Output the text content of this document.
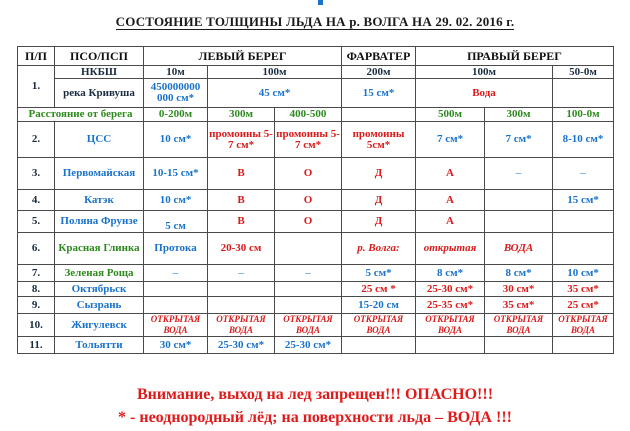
СОСТОЯНИЕ ТОЛЩИНЫ ЛЬДА НА р. ВОЛГА НА 29. 02. 2016 г.
П/П	ПСО/ПСП	ЛЕВЫЙ БЕРЕГ			ФАРВАТЕР	ПРАВЫЙ БЕРЕГ		
1.	НКБШ	10м	100м		200м	100м		50-0м
	река Кривуша	450000000 000 см*	45 см*		15 см*	Вода		
Расстояние от берега		0-200м	300м	400-500		500м	300м	100-0м
2.	ЦСС	10 см*	промоины 5-7 см*	промоины 5-7 см*	промоины 5см*	7 см*	7 см*	8-10 см*
3.	Первомайская	10-15 см*	В	О	Д	А	–	–
4.	Катэк	10 см*	В	О	Д	А		15 см*
5.	Поляна Фрунзе	5 см	В	О	Д	А		
6.	Красная Глинка	Протока	20-30 см		р. Волга:	открытая	ВОДА	
7.	Зеленая Роща	–	–	–	5 см*	8 см*	8 см*	10 см*
8.	Октябрьск				25 см *	25-30 см*	30 см*	35 см*
9.	Сызрань				15-20 см	25-35 см*	35 см*	25 см*
10.	Жигулевск	ОТКРЫТАЯ ВОДА	ОТКРЫТАЯ ВОДА	ОТКРЫТАЯ ВОДА	ОТКРЫТАЯ ВОДА	ОТКРЫТАЯ ВОДА	ОТКРЫТАЯ ВОДА	ОТКРЫТАЯ ВОДА
11.	Тольятти	30 см*	25-30 см*	25-30 см*				
Внимание, выход на лед запрещен!!! ОПАСНО!!!
* - неоднородный лёд; на поверхности льда – ВОДА !!!
